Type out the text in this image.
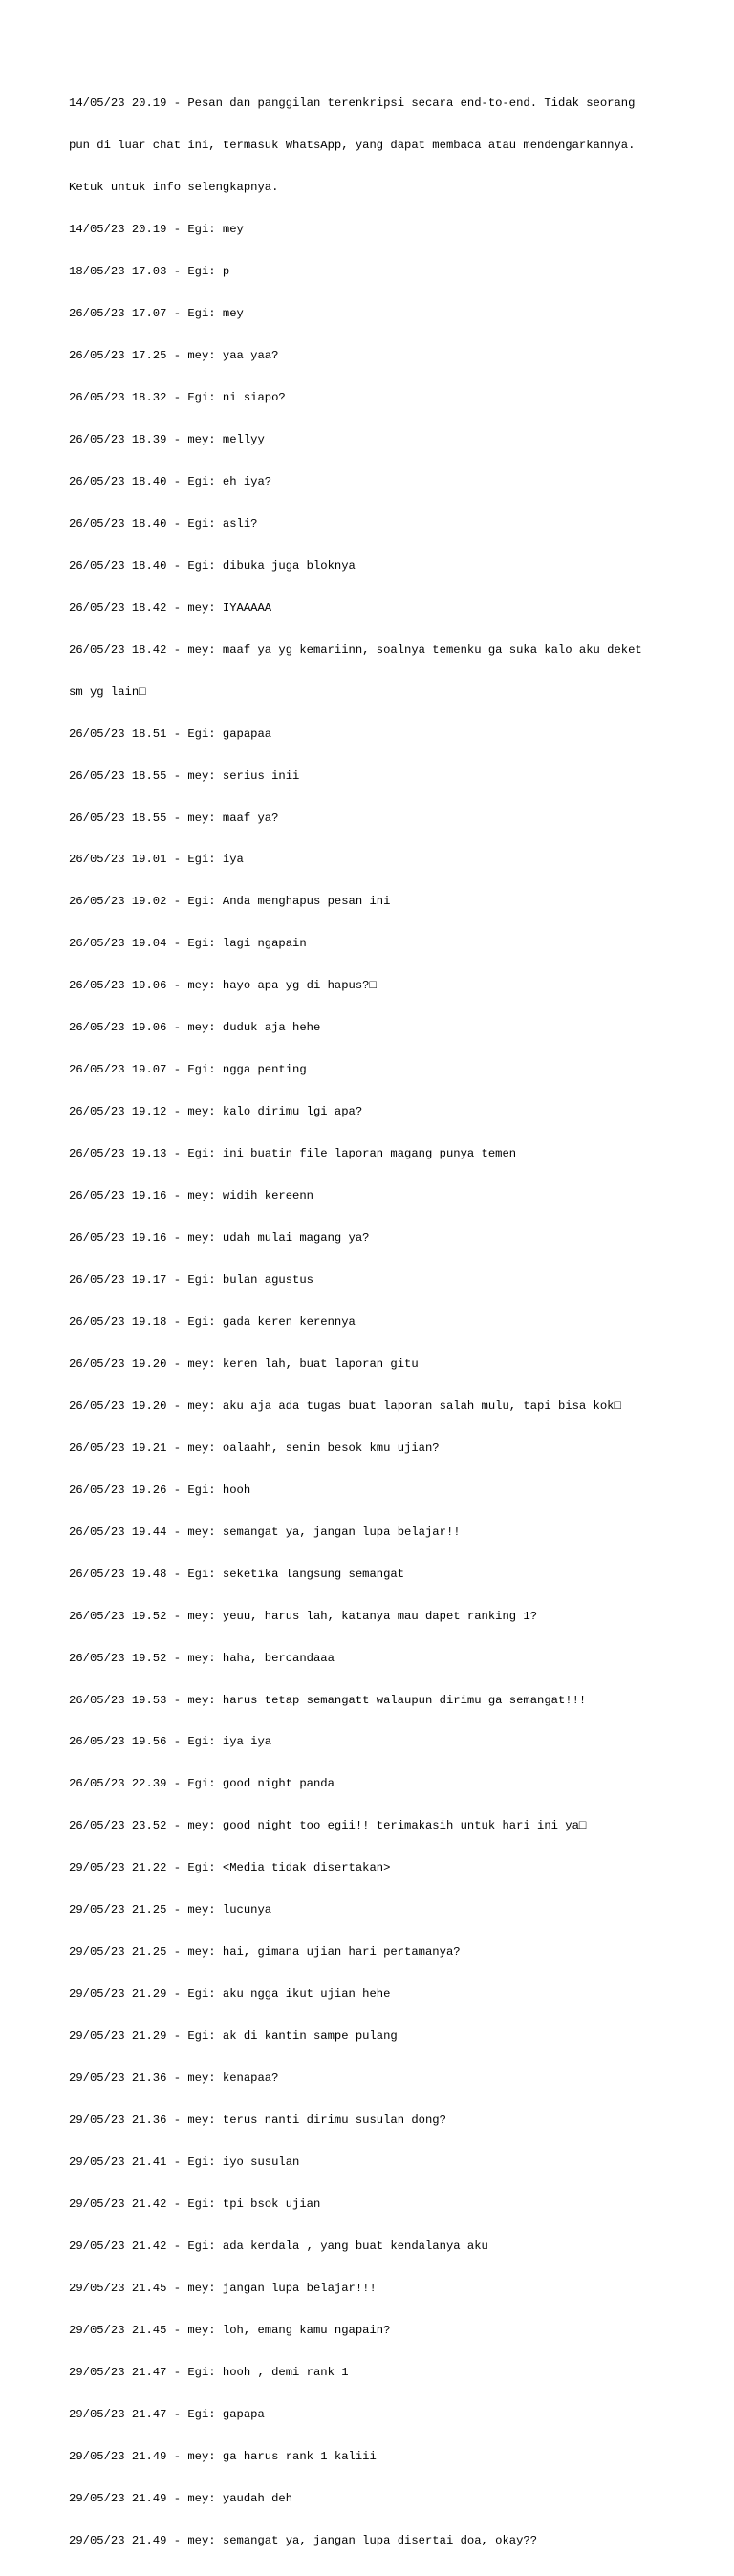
14/05/23 20.19 - Pesan dan panggilan terenkripsi secara end-to-end. Tidak seorang

pun di luar chat ini, termasuk WhatsApp, yang dapat membaca atau mendengarkannya.

Ketuk untuk info selengkapnya.

14/05/23 20.19 - Egi: mey

18/05/23 17.03 - Egi: p

26/05/23 17.07 - Egi: mey

26/05/23 17.25 - mey: yaa yaa?

26/05/23 18.32 - Egi: ni siapo?

26/05/23 18.39 - mey: mellyy

26/05/23 18.40 - Egi: eh iya?

26/05/23 18.40 - Egi: asli?

26/05/23 18.40 - Egi: dibuka juga bloknya

26/05/23 18.42 - mey: IYAAAAA

26/05/23 18.42 - mey: maaf ya yg kemariinn, soalnya temenku ga suka kalo aku deket

sm yg lain□

26/05/23 18.51 - Egi: gapapaa

26/05/23 18.55 - mey: serius inii

26/05/23 18.55 - mey: maaf ya?

26/05/23 19.01 - Egi: iya

26/05/23 19.02 - Egi: Anda menghapus pesan ini

26/05/23 19.04 - Egi: lagi ngapain

26/05/23 19.06 - mey: hayo apa yg di hapus?□

26/05/23 19.06 - mey: duduk aja hehe

26/05/23 19.07 - Egi: ngga penting

26/05/23 19.12 - mey: kalo dirimu lgi apa?

26/05/23 19.13 - Egi: ini buatin file laporan magang punya temen

26/05/23 19.16 - mey: widih kereenn

26/05/23 19.16 - mey: udah mulai magang ya?

26/05/23 19.17 - Egi: bulan agustus

26/05/23 19.18 - Egi: gada keren kerennya

26/05/23 19.20 - mey: keren lah, buat laporan gitu

26/05/23 19.20 - mey: aku aja ada tugas buat laporan salah mulu, tapi bisa kok□

26/05/23 19.21 - mey: oalaahh, senin besok kmu ujian?

26/05/23 19.26 - Egi: hooh

26/05/23 19.44 - mey: semangat ya, jangan lupa belajar!!

26/05/23 19.48 - Egi: seketika langsung semangat

26/05/23 19.52 - mey: yeuu, harus lah, katanya mau dapet ranking 1?

26/05/23 19.52 - mey: haha, bercandaaa

26/05/23 19.53 - mey: harus tetap semangatt walaupun dirimu ga semangat!!!

26/05/23 19.56 - Egi: iya iya

26/05/23 22.39 - Egi: good night panda

26/05/23 23.52 - mey: good night too egii!! terimakasih untuk hari ini ya□

29/05/23 21.22 - Egi: <Media tidak disertakan>

29/05/23 21.25 - mey: lucunya

29/05/23 21.25 - mey: hai, gimana ujian hari pertamanya?

29/05/23 21.29 - Egi: aku ngga ikut ujian hehe

29/05/23 21.29 - Egi: ak di kantin sampe pulang

29/05/23 21.36 - mey: kenapaa?

29/05/23 21.36 - mey: terus nanti dirimu susulan dong?

29/05/23 21.41 - Egi: iyo susulan

29/05/23 21.42 - Egi: tpi bsok ujian

29/05/23 21.42 - Egi: ada kendala , yang buat kendalanya aku

29/05/23 21.45 - mey: jangan lupa belajar!!!

29/05/23 21.45 - mey: loh, emang kamu ngapain?

29/05/23 21.47 - Egi: hooh , demi rank 1

29/05/23 21.47 - Egi: gapapa

29/05/23 21.49 - mey: ga harus rank 1 kaliii

29/05/23 21.49 - mey: yaudah deh

29/05/23 21.49 - mey: semangat ya, jangan lupa disertai doa, okay??
